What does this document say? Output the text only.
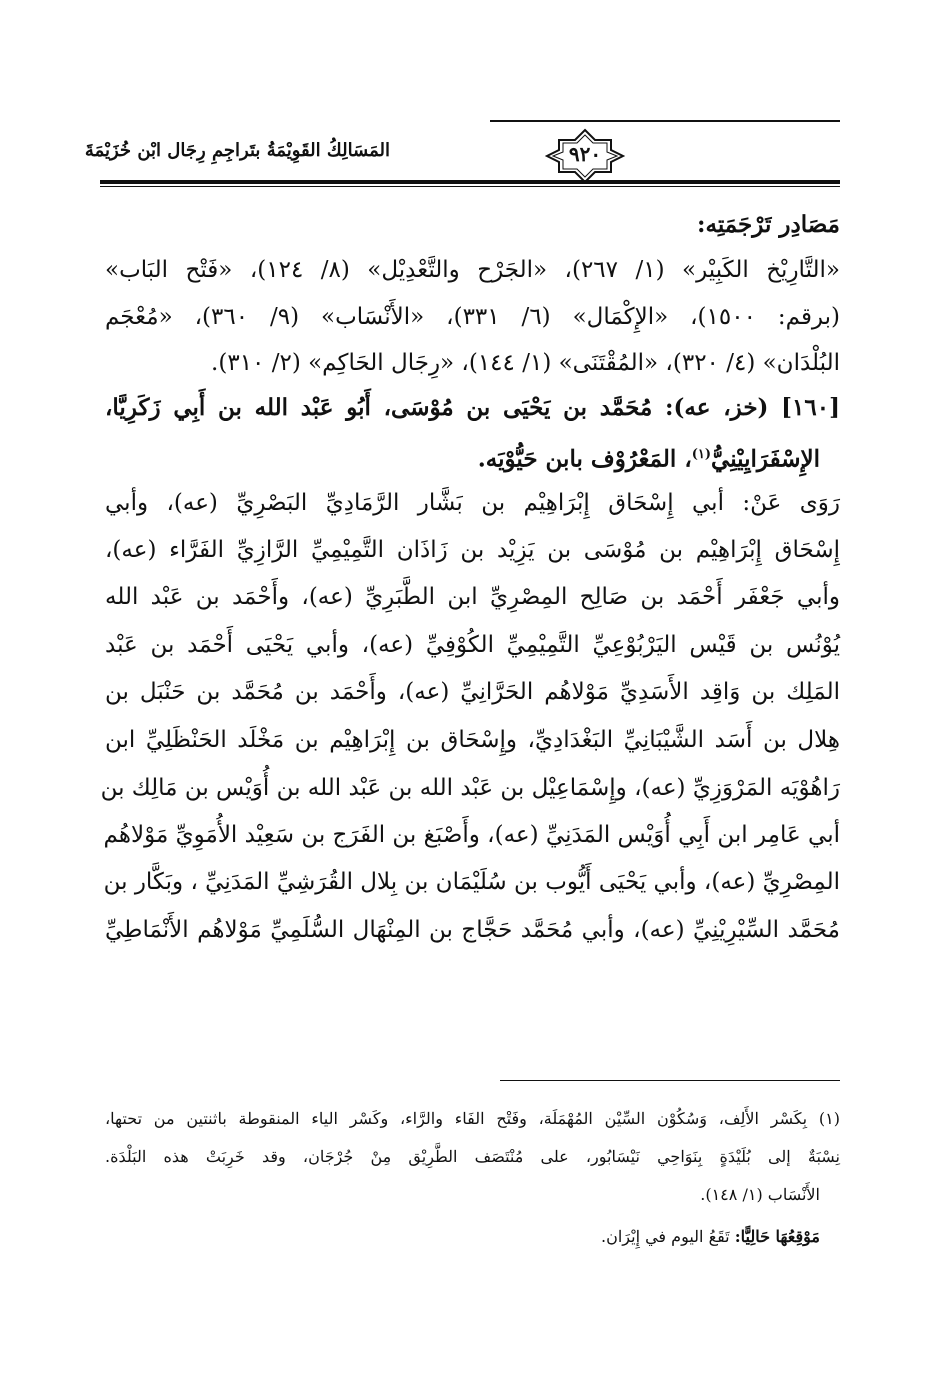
٩٢٠
المَسَالِكُ القَوِيْمَةُ بتَراجِمِ رِجَال ابْن خُزَيْمَةَ
مَصَادِر تَرْجَمَتِه:
«التَّارِيْخ الكَبِيْر» (١/ ٢٦٧)، «الجَرْح والتَّعْدِيْل» (٨/ ١٢٤)، «فَتْح البَاب»
(برقم: ١٥٠٠)، «الإِكْمَال» (٦/ ٣٣١)، «الأَنْسَاب» (٩/ ٣٦٠)، «مُعْجَم
البُلْدَان» (٤/ ٣٢٠)، «المُقْتَنَى» (١/ ١٤٤)، «رِجَال الحَاكِم» (٢/ ٣١٠).
[١٦٠] (خز، عه): مُحَمَّد بن يَحْيَى بن مُوْسَى، أَبُو عَبْد الله بن أَبِي زَكَرِيَّا،
الإِسْفَرَايِيْنِيُّ$^{(١)}$، المَعْرُوْف بابن حَيُّوْيَه.
رَوَى عَنْ: أبي إِسْحَاق إِبْرَاهِيْم بن بَشَّار الرَّمَادِيِّ البَصْرِيِّ (عه)، وأبي
إِسْحَاق إِبْرَاهِيْم بن مُوْسَى بن يَزِيْد بن زَاذَان التَّمِيْمِيِّ الرَّازِيِّ الفَرَّاء (عه)،
وأبي جَعْفَر أَحْمَد بن صَالِح المِصْرِيِّ ابن الطَّبَرِيِّ (عه)، وأَحْمَد بن عَبْد الله
يُوْنُس بن قَيْس اليَرْبُوْعِيِّ التَّمِيْمِيِّ الكُوْفِيِّ (عه)، وأبي يَحْيَى أَحْمَد بن عَبْد
المَلِك بن وَاقِد الأَسَدِيِّ مَوْلاهُم الحَرَّانِيِّ (عه)، وأَحْمَد بن مُحَمَّد بن حَنْبَل بن
هِلال بن أَسَد الشَّيْبَانِيِّ البَغْدَادِيِّ، وإِسْحَاق بن إِبْرَاهِيْم بن مَخْلَد الحَنْظَلِيِّ ابن
رَاهُوْيَه المَرْوَزِيِّ (عه)، وإِسْمَاعِيْل بن عَبْد الله بن عَبْد الله بن أُوَيْس بن مَالِك بن
أبي عَامِر ابن أَبِي أُوَيْس المَدَنِيِّ (عه)، وأَصْبَغ بن الفَرَج بن سَعِيْد الأُمَوِيِّ مَوْلاهُم
المِصْرِيِّ (عه)، وأبي يَحْيَى أَيُّوب بن سُلَيْمَان بن بِلال القُرَشِيِّ المَدَنِيِّ ، وبَكَّار بن
مُحَمَّد السِّيْرِيْنِيِّ (عه)، وأبي مُحَمَّد حَجَّاج بن المِنْهَال السُّلَمِيِّ مَوْلاهُم الأَنْمَاطِيِّ
(١) بِكَسْر الأَلِف، وَسُكُوْن السِّيْن المُهْمَلَة، وفَتْح الفَاء والرَّاء، وكَسْر الياء المنقوطة باثنتين من تحتها،
نِسْبَةٌ إلى بُلَيْدَةٍ بِنَوَاحِي نَيْسَابُور، على مُنْتَصَف الطَّرِيْق مِنْ جُرْجَان، وقد خَرِبَتْ هذه البَلْدَة.
الأَنْسَاب (١/ ١٤٨).
مَوْقِعُهَا حَالِيًّا: تَقَعُ اليوم في إِيْرَان.
